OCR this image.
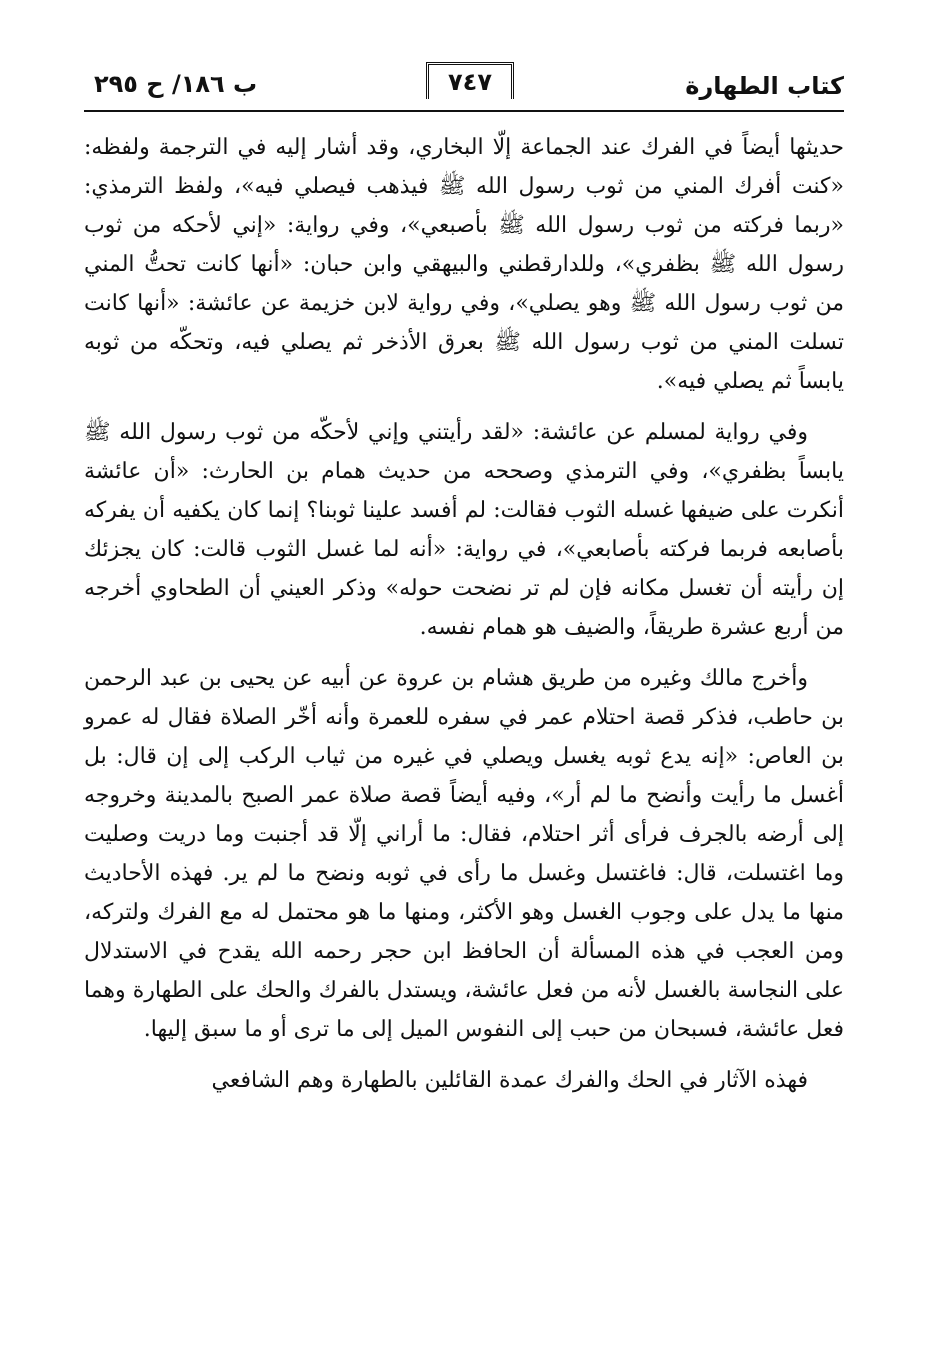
ب ١٨٦/ ح ٢٩٥	٧٤٧	كتاب الطهارة

حديثها أيضاً في الفرك عند الجماعة إلّا البخاري، وقد أشار إليه في الترجمة ولفظه: «كنت أفرك المني من ثوب رسول الله ﷺ فيذهب فيصلي فيه»، ولفظ الترمذي: «ربما فركته من ثوب رسول الله ﷺ بأصبعي»، وفي رواية: «إني لأحكه من ثوب رسول الله ﷺ بظفري»، وللدارقطني والبيهقي وابن حبان: «أنها كانت تحتُّ المني من ثوب رسول الله ﷺ وهو يصلي»، وفي رواية لابن خزيمة عن عائشة: «أنها كانت تسلت المني من ثوب رسول الله ﷺ بعرق الأذخر ثم يصلي فيه، وتحكّه من ثوبه يابساً ثم يصلي فيه».

وفي رواية لمسلم عن عائشة: «لقد رأيتني وإني لأحكّه من ثوب رسول الله ﷺ يابساً بظفري»، وفي الترمذي وصححه من حديث همام بن الحارث: «أن عائشة أنكرت على ضيفها غسله الثوب فقالت: لم أفسد علينا ثوبنا؟ إنما كان يكفيه أن يفركه بأصابعه فربما فركته بأصابعي»، في رواية: «أنه لما غسل الثوب قالت: كان يجزئك إن رأيته أن تغسل مكانه فإن لم تر نضحت حوله» وذكر العيني أن الطحاوي أخرجه من أربع عشرة طريقاً، والضيف هو همام نفسه.

وأخرج مالك وغيره من طريق هشام بن عروة عن أبيه عن يحيى بن عبد الرحمن بن حاطب، فذكر قصة احتلام عمر في سفره للعمرة وأنه أخّر الصلاة فقال له عمرو بن العاص: «إنه يدع ثوبه يغسل ويصلي في غيره من ثياب الركب إلى إن قال: بل أغسل ما رأيت وأنضح ما لم أر»، وفيه أيضاً قصة صلاة عمر الصبح بالمدينة وخروجه إلى أرضه بالجرف فرأى أثر احتلام، فقال: ما أراني إلّا قد أجنبت وما دريت وصليت وما اغتسلت، قال: فاغتسل وغسل ما رأى في ثوبه ونضح ما لم ير. فهذه الأحاديث منها ما يدل على وجوب الغسل وهو الأكثر، ومنها ما هو محتمل له مع الفرك ولتركه، ومن العجب في هذه المسألة أن الحافظ ابن حجر رحمه الله يقدح في الاستدلال على النجاسة بالغسل لأنه من فعل عائشة، ويستدل بالفرك والحك على الطهارة وهما فعل عائشة، فسبحان من حبب إلى النفوس الميل إلى ما ترى أو ما سبق إليها.

فهذه الآثار في الحك والفرك عمدة القائلين بالطهارة وهم الشافعي
